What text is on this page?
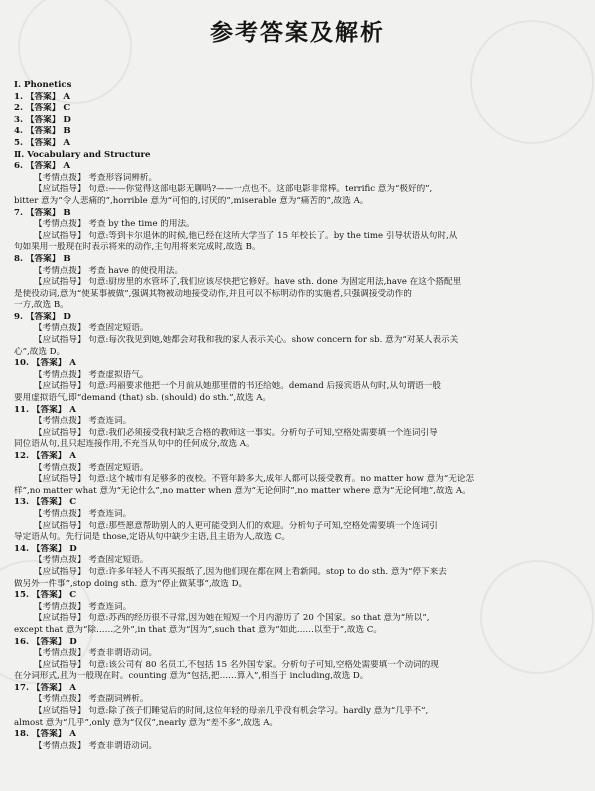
参考答案及解析
Ⅰ. Phonetics
1. 【答案】 A
2. 【答案】 C
3. 【答案】 D
4. 【答案】 B
5. 【答案】 A
Ⅱ. Vocabulary and Structure
6. 【答案】 A
【考情点拨】 考查形容词辨析。
【应试指导】 句意:——你觉得这部电影无聊吗?——一点也不。这部电影非常棒。terrific 意为“极好的”,
bitter 意为“令人悲痛的”,horrible 意为“可怕的,讨厌的”,miserable 意为“痛苦的”,故选 A。
7. 【答案】 B
【考情点拨】 考查 by the time 的用法。
【应试指导】 句意:等到卡尔退休的时候,他已经在这所大学当了 15 年校长了。by the time 引导状语从句时,从
句如果用一般现在时表示将来的动作,主句用将来完成时,故选 B。
8. 【答案】 B
【考情点拨】 考查 have 的使役用法。
【应试指导】 句意:厨房里的水管坏了,我们应该尽快把它修好。have sth. done 为固定用法,have 在这个搭配里
是使役动词,意为“使某事被做”,强调其物被动地接受动作,并且可以不标明动作的实施者,只强调接受动作的
一方,故选 B。
9. 【答案】 D
【考情点拨】 考查固定短语。
【应试指导】 句意:每次我见到她,她都会对我和我的家人表示关心。show concern for sb. 意为“对某人表示关
心”,故选 D。
10. 【答案】 A
【考情点拨】 考查虚拟语气。
【应试指导】 句意:玛丽要求他把一个月前从她那里借的书还给她。demand 后接宾语从句时,从句谓语一般
要用虚拟语气,即“demand (that) sb. (should) do sth.”,故选 A。
11. 【答案】 A
【考情点拨】 考查连词。
【应试指导】 句意:我们必须接受我村缺乏合格的教师这一事实。分析句子可知,空格处需要填一个连词引导
同位语从句,且只起连接作用,不充当从句中的任何成分,故选 A。
12. 【答案】 A
【考情点拨】 考查固定短语。
【应试指导】 句意:这个城市有足够多的夜校。不管年龄多大,成年人都可以接受教育。no matter how 意为“无论怎
样”,no matter what 意为“无论什么”,no matter when 意为“无论何时”,no matter where 意为“无论何地”,故选 A。
13. 【答案】 C
【考情点拨】 考查连词。
【应试指导】 句意:那些愿意帮助别人的人更可能受到人们的欢迎。分析句子可知,空格处需要填一个连词引
导定语从句。先行词是 those,定语从句中缺少主语,且主语为人,故选 C。
14. 【答案】 D
【考情点拨】 考查固定短语。
【应试指导】 句意:许多年轻人不再买报纸了,因为他们现在都在网上看新闻。stop to do sth. 意为“停下来去
做另外一件事”,stop doing sth. 意为“停止做某事”,故选 D。
15. 【答案】 C
【考情点拨】 考查连词。
【应试指导】 句意:苏西的经历很不寻常,因为她在短短一个月内游历了 20 个国家。so that 意为“所以”,
except that 意为“除……之外”,in that 意为“因为”,such that 意为“如此……以至于”,故选 C。
16. 【答案】 D
【考情点拨】 考查非谓语动词。
【应试指导】 句意:该公司有 80 名员工,不包括 15 名外国专家。分析句子可知,空格处需要填一个动词的现
在分词形式,且为一般现在时。counting 意为“包括,把……算入”,相当于 including,故选 D。
17. 【答案】 A
【考情点拨】 考查副词辨析。
【应试指导】 句意:除了孩子们睡觉后的时间,这位年轻的母亲几乎没有机会学习。hardly 意为“几乎不”,
almost 意为“几乎”,only 意为“仅仅”,nearly 意为“差不多”,故选 A。
18. 【答案】 A
【考情点拨】 考查非谓语动词。
